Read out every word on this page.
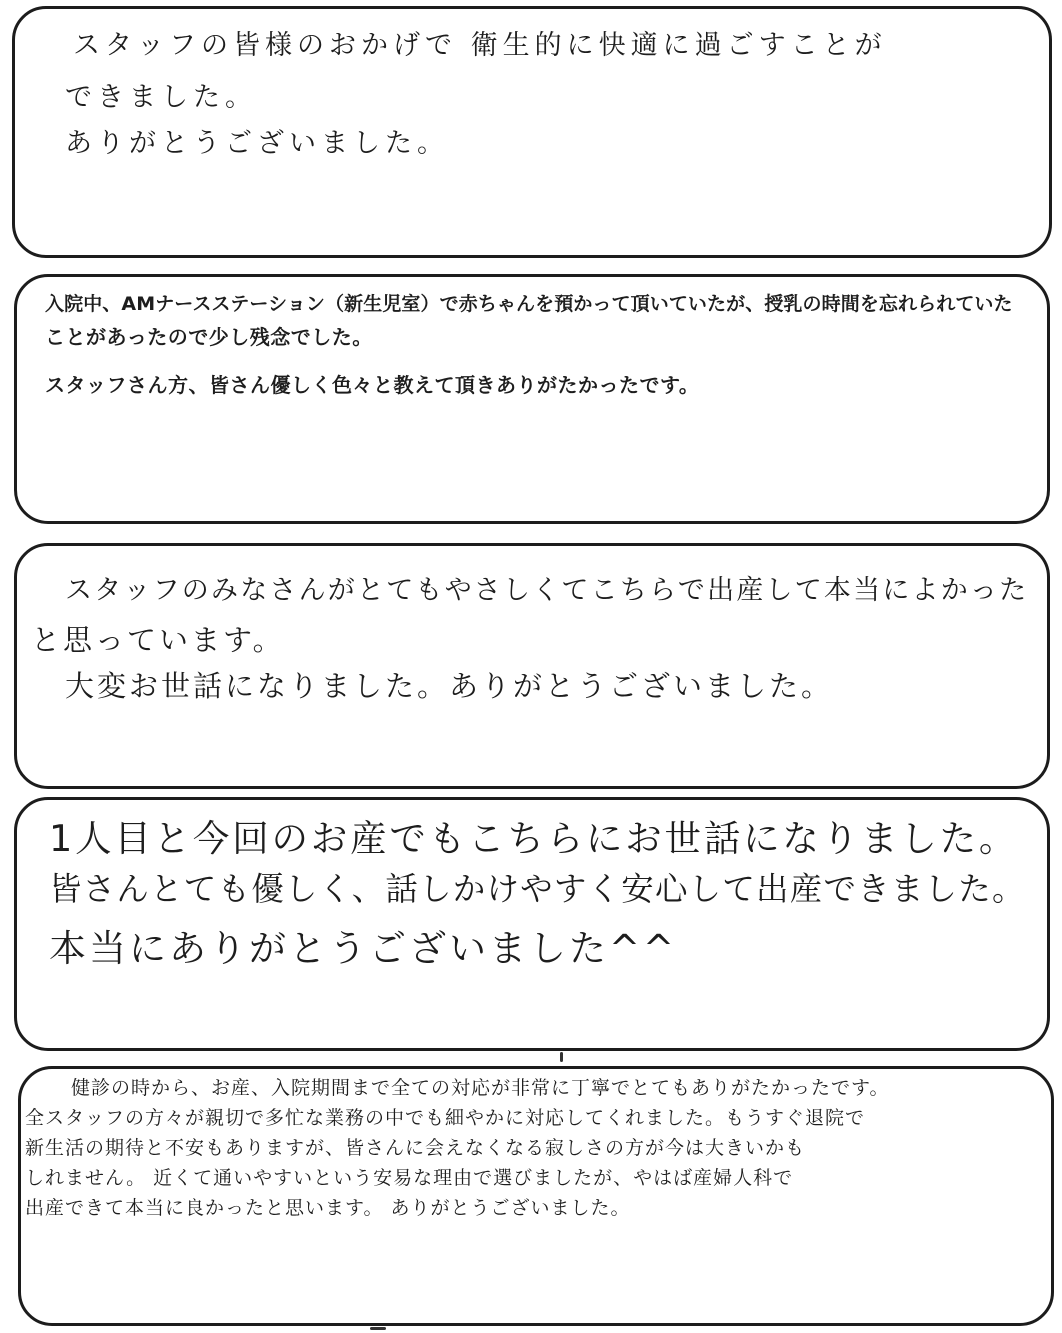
スタッフの皆様のおかげで 衛生的に快適に過ごすことが
できました。
ありがとうございました。
入院中、AMナースステーション（新生児室）で赤ちゃんを預かって頂いていたが、授乳の時間を忘れられていた
ことがあったので少し残念でした。
スタッフさん方、皆さん優しく色々と教えて頂きありがたかったです。
スタッフのみなさんがとてもやさしくてこちらで出産して本当によかった
と思っています。
大変お世話になりました。ありがとうございました。
1人目と今回のお産でもこちらにお世話になりました。
皆さんとても優しく、話しかけやすく安心して出産できました。
本当にありがとうございました^^
健診の時から、お産、入院期間まで全ての対応が非常に丁寧でとてもありがたかったです。
全スタッフの方々が親切で多忙な業務の中でも細やかに対応してくれました。もうすぐ退院で
新生活の期待と不安もありますが、皆さんに会えなくなる寂しさの方が今は大きいかも
しれません。 近くて通いやすいという安易な理由で選びましたが、やはば産婦人科で
出産できて本当に良かったと思います。 ありがとうございました。
